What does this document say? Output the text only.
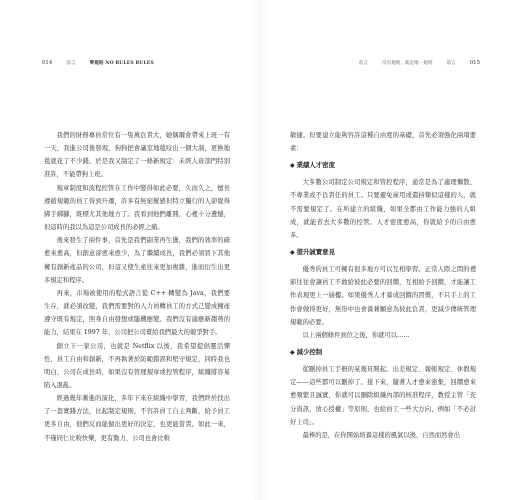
014	前言	零規則 NO RULES RULES

我們的財務專員常位有一隻萬負責大，她偶爾會帶來上班一有一天，我進公司後發現，狗狗把會議室地毯咬出一個大洞，更換地毯就花了不少錢。於是我又制定了一條新規定：未經人資部門特別准許，不能帶狗上班。

規章制度和流程控管在工作中變得如此必要，久而久之，擅長遵循規範的員工得到升遷，許多有無窮羅感但特立獨行的人卻覺得綁手綁腳，既標尤其他地方了。我看到他們離開，心裡十分遺憾，但這時的我以為這是公司成長的必經之痛。

後來發生了兩件事，首先是我們副業再生獲，我們的效率的確愈來愈高，但創意卻愈來愈少，為了繼續成長，我們必須買下其他擁有創新產品的公司，但這又使生產往來更加複雜，進而衍生出更多規定和程序。

再來，市場被使用的程式語言從 C++ 轉變為 Java，我們要生存，就必須改變，我們需要對的人力員轉員工的方式己變成擁產遵守既有規定，照身自由發想或臨機應變。我們沒有適應新趨勢的能力，結果在 1997 年，公司把公司賣給我們最大的競爭對手。

創立下一家公司，也就是 Netflix 以後，我希望提倡靈活彈性，員工自由和創新，不再執著於防範錯誤和堅守規定，同時我也明白，公司在成長時，如果沒有管理規章或控管程序，組織將容易陷入混亂。

經過幾年漸進的演化，多年下來在組織中學習，我們終於找出了一套實踐方法，比起制定規則，不容許員工自主判斷，給予員工更多自由，他們反而能做出更好的決定，也更能當責。如此一來，不僅同仁比較快樂，更有動力，公司也會比較

前言	沒有規則，就是唯一規則	前言	015

敏捷。但要建立能夠容許這種自由度的基礎，首先必須強化兩項要素：

◆ 業績人才密度

大多數公司制定公司規定和管控程序，通常是為了處理懶散、不專業或不負責任的員工。只要避免雇用或遣持類似這樣的人，就不需要規定了。在所建立的組織，如果全都由工作能力強的人組成，就能省去大多數的控管。人才密度愈高，你就給予的自由愈多。

◆ 提升誠實意見

優秀的員工可擁有很多地方可以互相學習。正常人際之間的禮節往往會讓員工不敢給彼此必要的回饋，互相給予回饋，才能讓工作表現更上一層樓。如果優秀人才養成回饋的習慣，不只手上的工作會做得更好，無形中也會養兼願意為彼此負責，更減少傳統管理規範的必要。

以上兩個條件到位之後，你就可以……

◆ 減少控制

從刪掉員工手冊的某幾頁開起。出差規定、報帳規定、休假規定——這些都可以刪掉了。接下來，隨著人才愈來密集，回饋愈來愈頻繁且誠實，你就可以刪除組織內部的核准程序，教授主管「充分資訊，放心授權」等原則，也給員工一些大方向，例如「不必討好上司」。

最棒的是，在你開始培養這樣的風氣以後，自然而然會出
